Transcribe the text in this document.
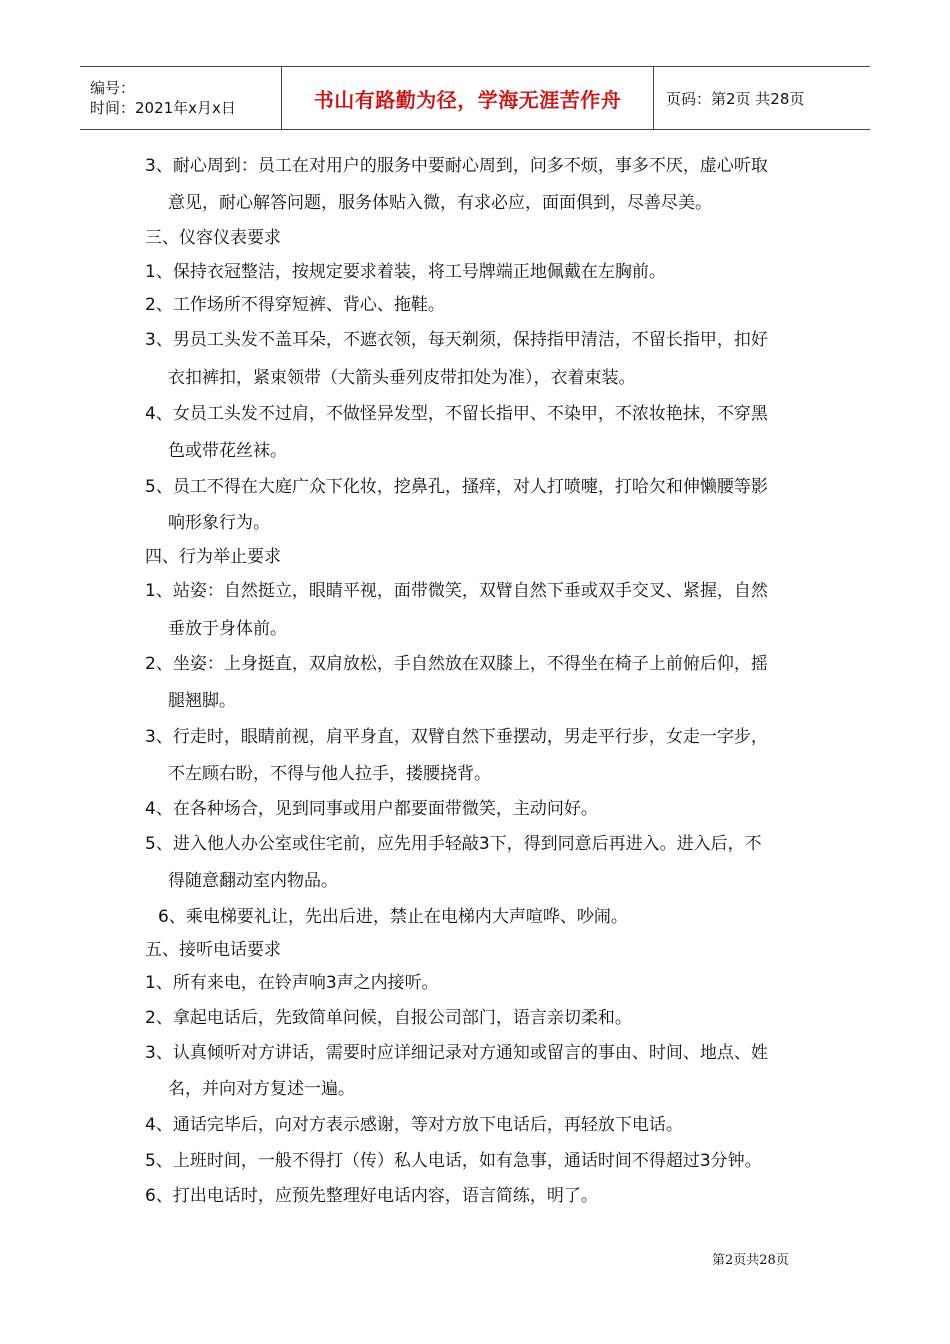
编号：
时间：2021年x月x日	书山有路勤为径，学海无涯苦作舟	页码：第2页 共28页
3、耐心周到：员工在对用户的服务中要耐心周到，问多不烦，事多不厌，虚心听取
意见，耐心解答问题，服务体贴入微，有求必应，面面俱到，尽善尽美。
三、仪容仪表要求
1、保持衣冠整洁，按规定要求着装，将工号牌端正地佩戴在左胸前。
2、工作场所不得穿短裤、背心、拖鞋。
3、男员工头发不盖耳朵，不遮衣领，每天剃须，保持指甲清洁，不留长指甲，扣好
衣扣裤扣，紧束领带（大箭头垂列皮带扣处为准），衣着束装。
4、女员工头发不过肩，不做怪异发型，不留长指甲、不染甲，不浓妆艳抹，不穿黑
色或带花丝袜。
5、员工不得在大庭广众下化妆，挖鼻孔，搔痒，对人打喷嚏，打哈欠和伸懒腰等影
响形象行为。
四、行为举止要求
1、站姿：自然挺立，眼睛平视，面带微笑，双臂自然下垂或双手交叉、紧握，自然
垂放于身体前。
2、坐姿：上身挺直，双肩放松，手自然放在双膝上，不得坐在椅子上前俯后仰，摇
腿翘脚。
3、行走时，眼睛前视，肩平身直，双臂自然下垂摆动，男走平行步，女走一字步，
不左顾右盼，不得与他人拉手，搂腰挠背。
4、在各种场合，见到同事或用户都要面带微笑，主动问好。
5、进入他人办公室或住宅前，应先用手轻敲3下，得到同意后再进入。进入后，不
得随意翻动室内物品。
6、乘电梯要礼让，先出后进，禁止在电梯内大声喧哗、吵闹。
五、接听电话要求
1、所有来电，在铃声响3声之内接听。
2、拿起电话后，先致简单问候，自报公司部门，语言亲切柔和。
3、认真倾听对方讲话，需要时应详细记录对方通知或留言的事由、时间、地点、姓
名，并向对方复述一遍。
4、通话完毕后，向对方表示感谢，等对方放下电话后，再轻放下电话。
5、上班时间，一般不得打（传）私人电话，如有急事，通话时间不得超过3分钟。
6、打出电话时，应预先整理好电话内容，语言简练，明了。
第2页共28页
